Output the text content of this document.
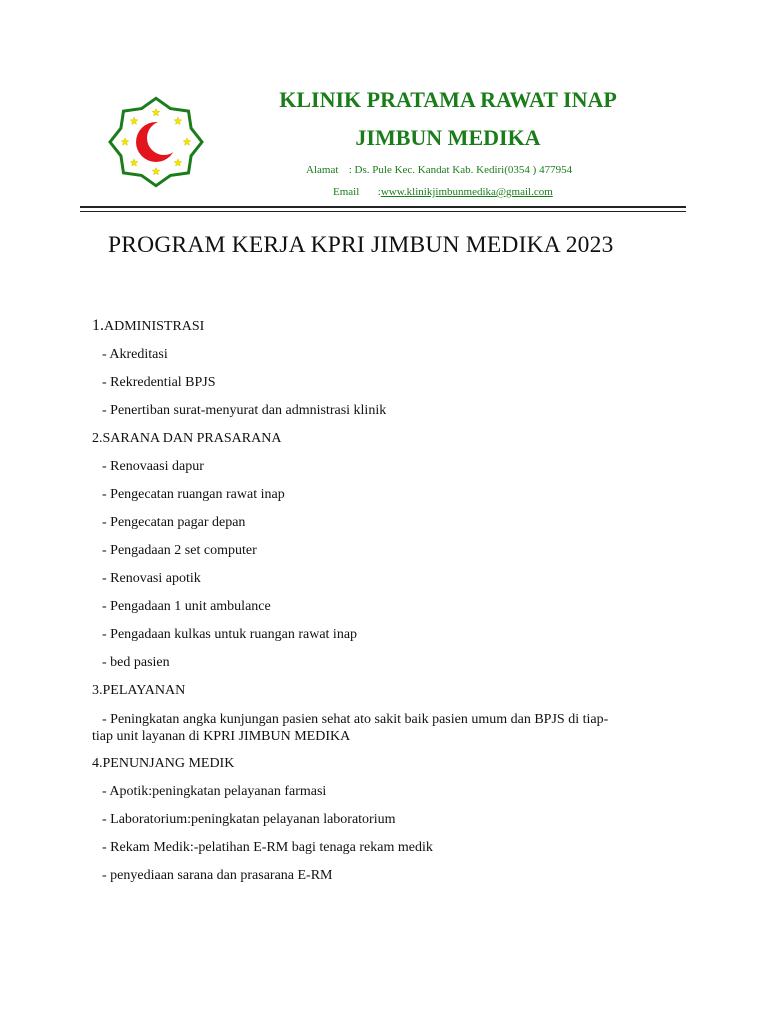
KLINIK PRATAMA RAWAT INAP

JIMBUN MEDIKA

Alamat : Ds. Pule Kec. Kandat Kab. Kediri(0354 ) 477954
Email :www.klinikjimbunmedika@gmail.com
PROGRAM KERJA KPRI JIMBUN MEDIKA 2023

1.ADMINISTRASI

- Akreditasi

- Rekredential BPJS

- Penertiban surat-menyurat dan admnistrasi klinik

2.SARANA DAN PRASARANA

- Renovaasi dapur

- Pengecatan ruangan rawat inap

- Pengecatan pagar depan

- Pengadaan 2 set computer

- Renovasi apotik

- Pengadaan 1 unit ambulance

- Pengadaan kulkas untuk ruangan rawat inap

- bed pasien

3.PELAYANAN

- Peningkatan angka kunjungan pasien sehat ato sakit baik pasien umum dan BPJS di tiap-
tiap unit layanan di KPRI JIMBUN MEDIKA

4.PENUNJANG MEDIK

- Apotik:peningkatan pelayanan farmasi

- Laboratorium:peningkatan pelayanan laboratorium

- Rekam Medik:-pelatihan E-RM bagi tenaga rekam medik

- penyediaan sarana dan prasarana E-RM
